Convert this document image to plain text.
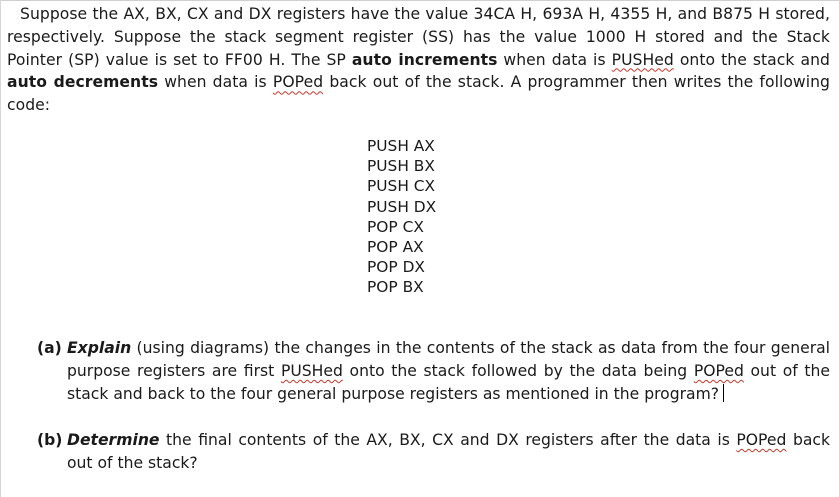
Suppose the AX, BX, CX and DX registers have the value 34CA H, 693A H, 4355 H, and B875 H stored, respectively. Suppose the stack segment register (SS) has the value 1000 H stored and the Stack Pointer (SP) value is set to FF00 H. The SP auto increments when data is PUSHed onto the stack and auto decrements when data is POPed back out of the stack. A programmer then writes the following code:

PUSH AX
PUSH BX
PUSH CX
PUSH DX
POP CX
POP AX
POP DX
POP BX
(a) Explain (using diagrams) the changes in the contents of the stack as data from the four general purpose registers are first PUSHed onto the stack followed by the data being POPed out of the stack and back to the four general purpose registers as mentioned in the program?
(b) Determine the final contents of the AX, BX, CX and DX registers after the data is POPed back out of the stack?
